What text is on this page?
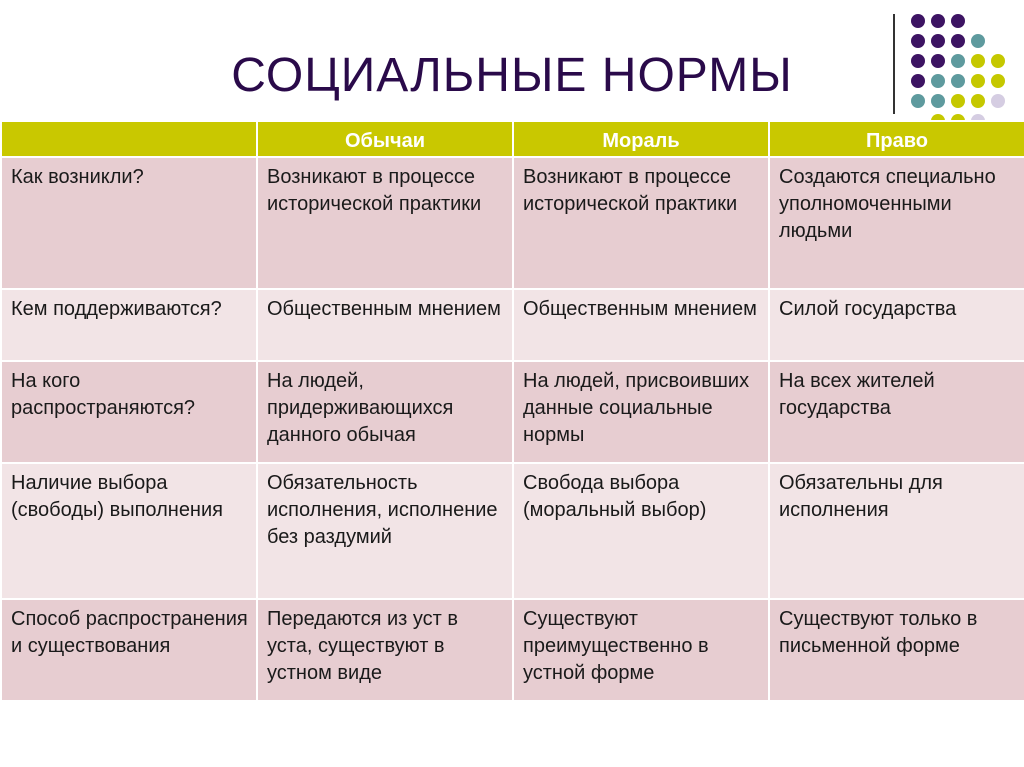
СОЦИАЛЬНЫЕ НОРМЫ
	Обычаи	Мораль	Право
Как возникли?	Возникают в процессе исторической практики	Возникают в процессе исторической практики	Создаются специально уполномоченными людьми
Кем поддерживаются?	Общественным мнением	Общественным мнением	Силой государства
На кого распространяются?	На людей, придерживающихся данного обычая	На людей, присвоивших данные социальные нормы	На всех жителей государства
Наличие выбора (свободы) выполнения	Обязательность исполнения, исполнение без раздумий	Свобода выбора (моральный выбор)	Обязательны для исполнения
Способ распространения и существования	Передаются из уст в уста, существуют в устном виде	Существуют преимущественно в устной форме	Существуют только в письменной форме
